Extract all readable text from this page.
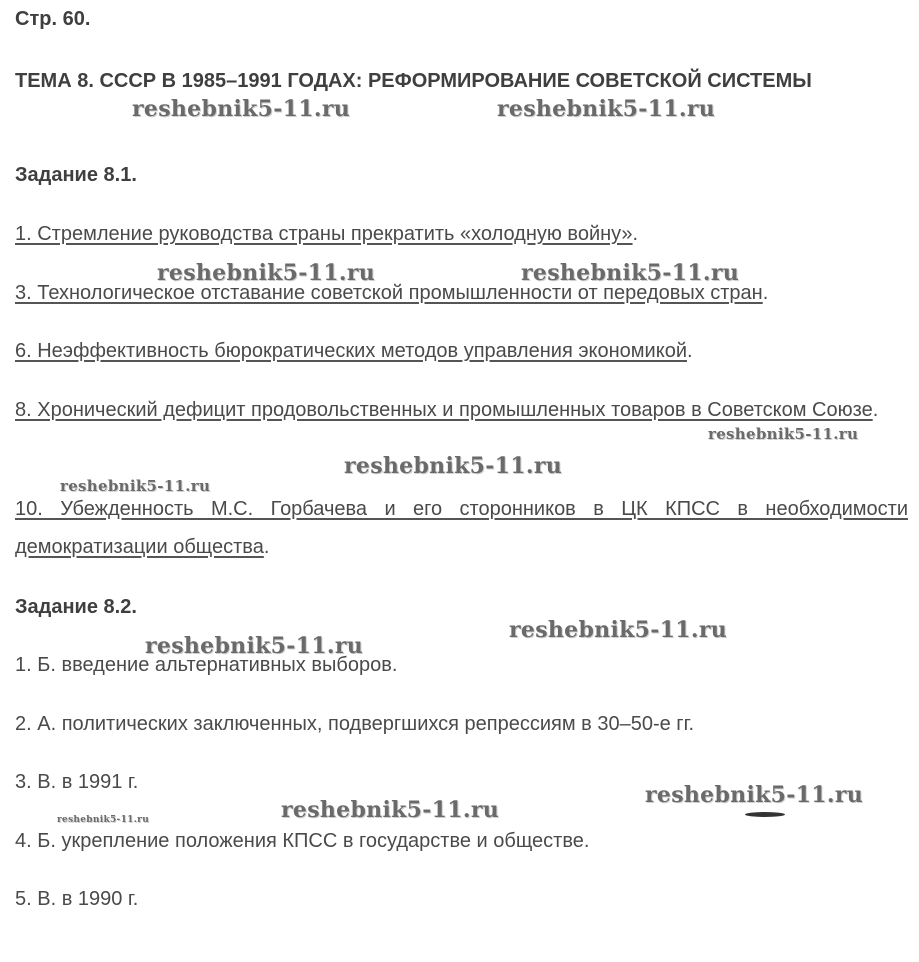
Стр. 60.
ТЕМА 8. СССР В 1985–1991 ГОДАХ: РЕФОРМИРОВАНИЕ СОВЕТСКОЙ СИСТЕМЫ
Задание 8.1.
1. Стремление руководства страны прекратить «холодную войну».
3. Технологическое отставание советской промышленности от передовых стран.
6. Неэффективность бюрократических методов управления экономикой.
8. Хронический дефицит продовольственных и промышленных товаров в Советском Союзе.
10. Убежденность М.С. Горбачева и его сторонников в ЦК КПСС в необходимости демократизации общества.
Задание 8.2.
1. Б. введение альтернативных выборов.
2. А. политических заключенных, подвергшихся репрессиям в 30–50-е гг.
3. В. в 1991 г.
4. Б. укрепление положения КПСС в государстве и обществе.
5. В. в 1990 г.
reshebnik5-11.ru	reshebnik5-11.ru
reshebnik5-11.ru	reshebnik5-11.ru
reshebnik5-11.ru
reshebnik5-11.ru
reshebnik5-11.ru
reshebnik5-11.ru
reshebnik5-11.ru
reshebnik5-11.ru
reshebnik5-11.ru
reshebnik5-11.ru
